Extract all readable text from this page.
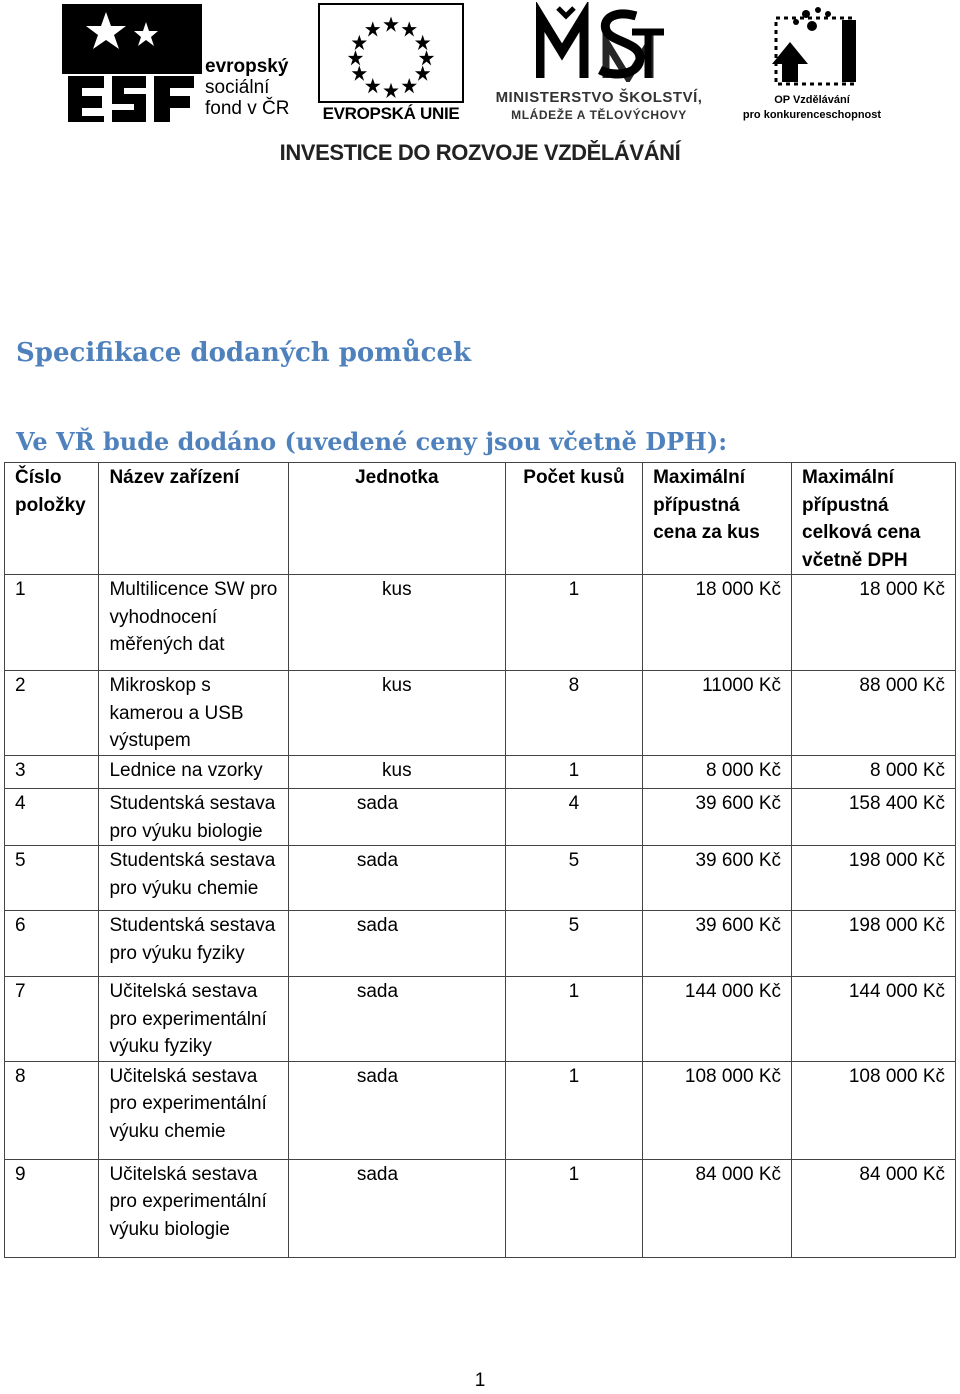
evropský
sociální
fond v ČR EVROPSKÁ UNIE
MINISTERSTVO ŠKOLSTVÍ,
MLÁDEŽE A TĚLOVÝCHOVY
OP Vzdělávání
pro konkurenceschopnost
INVESTICE DO ROZVOJE VZDĚLÁVÁNÍ
Specifikace dodaných pomůcek
Ve VŘ bude dodáno (uvedené ceny jsou včetně DPH):
Číslo položky	Název zařízení	Jednotka	Počet kusů	Maximální přípustná cena za kus	Maximální přípustná celková cena včetně DPH
1	Multilicence SW pro vyhodnocení měřených dat	kus	1	18 000 Kč	18 000 Kč
2	Mikroskop s kamerou a USB výstupem	kus	8	11000 Kč	88 000 Kč
3	Lednice na vzorky	kus	1	8 000 Kč	8 000 Kč
4	Studentská sestava pro výuku biologie	sada	4	39 600 Kč	158 400 Kč
5	Studentská sestava pro výuku chemie	sada	5	39 600 Kč	198 000 Kč
6	Studentská sestava pro výuku fyziky	sada	5	39 600 Kč	198 000 Kč
7	Učitelská sestava pro experimentální výuku fyziky	sada	1	144 000 Kč	144 000 Kč
8	Učitelská sestava pro experimentální výuku chemie	sada	1	108 000 Kč	108 000 Kč
9	Učitelská sestava pro experimentální výuku biologie	sada	1	84 000 Kč	84 000 Kč
1
